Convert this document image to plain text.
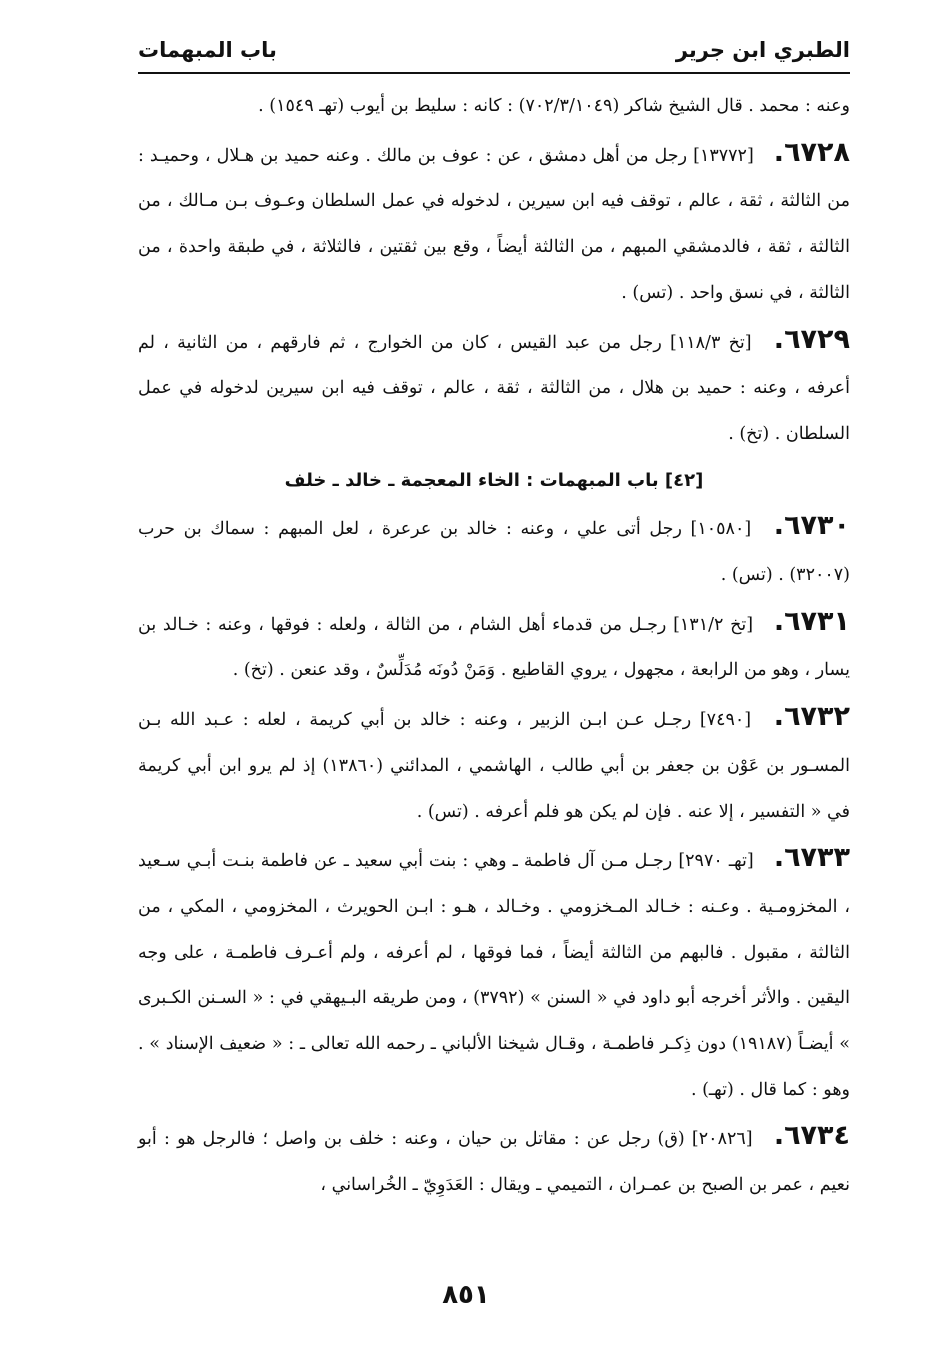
الطبري ابن جرير
باب المبهمات

وعنه : محمد . قال الشيخ شاكر (٧٠٢/٣/١٠٤٩) : كانه : سليط بن أيوب (تهـ ١٥٤٩) .

٦٧٢٨. [١٣٧٧٢] رجل من أهل دمشق ، عن : عوف بن مالك . وعنه حميد بن هـلال ، وحميـد : من الثالثة ، ثقة ، عالم ، توقف فيه ابن سيرين ، لدخوله في عمل السلطان وعـوف بـن مـالك ، من الثالثة ، ثقة ، فالدمشقي المبهم ، من الثالثة أيضاً ، وقع بين ثقتين ، فالثلاثة ، في طبقة واحدة ، من الثالثة ، في نسق واحد . (تس) .

٦٧٢٩. [تخ ١١٨/٣] رجل من عبد القيس ، كان من الخوارج ، ثم فارقهم ، من الثانية ، لم أعرفه ، وعنه : حميد بن هلال ، من الثالثة ، ثقة ، عالم ، توقف فيه ابن سيرين لدخوله في عمل السلطان . (تخ) .

[٤٢] باب المبهمات : الخاء المعجمة ـ خالد ـ خلف

٦٧٣٠. [١٠٥٨٠] رجل أتى علي ، وعنه : خالد بن عرعرة ، لعل المبهم : سماك بن حرب (٣٢٠٠٧) . (تس) .

٦٧٣١. [تخ ١٣١/٢] رجـل من قدماء أهل الشام ، من الثالة ، ولعله : فوقها ، وعنه : خـالد بن يسار ، وهو من الرابعة ، مجهول ، يروي القاطيع . وَمَنْ دُونَه مُدَلِّسٌ ، وقد عنعن . (تخ) .

٦٧٣٢. [٧٤٩٠] رجـل عـن ابـن الزبير ، وعنه : خالد بن أبي كريمة ، لعله : عـبد الله بـن المسـور بن عَوْن بن جعفر بن أبي طالب ، الهاشمي ، المدائني (١٣٨٦٠) إذ لم يرو ابن أبي كريمة في « التفسير ، إلا عنه . فإن لم يكن هو فلم أعرفه . (تس) .

٦٧٣٣. [تهـ ٢٩٧٠] رجـل مـن آل فاطمة ـ وهي : بنت أبي سعيد ـ عن فاطمة بنـت أبـي سـعيد ، المخزومـية . وعـنه : خـالد المـخزومي . وخـالد ، هـو : ابـن الحويرث ، المخزومي ، المكي ، من الثالثة ، مقبول . فالبهم من الثالثة أيضاً ، فما فوقها ، لم أعرفه ، ولم أعـرف فاطمـة ، على وجه اليقين . والأثر أخرجه أبو داود في « السنن » (٣٧٩٢) ، ومن طريقه البـيهقي في : « السـنن الكـبرى » أيضـاً (١٩١٨٧) دون ذِكـر فاطمـة ، وقـال شيخنا الألباني ـ رحمه الله تعالى ـ : « ضعيف الإسناد » . وهو : كما قال . (تهـ) .

٦٧٣٤. [٢٠٨٢٦] (ق) رجل عن : مقاتل بن حيان ، وعنه : خلف بن واصل ؛ فالرجل هو : أبو نعيم ، عمر بن الصبح بن عمـران ، التميمي ـ ويقال : العَدَوِيّ ـ الخُراساني ،

٨٥١
